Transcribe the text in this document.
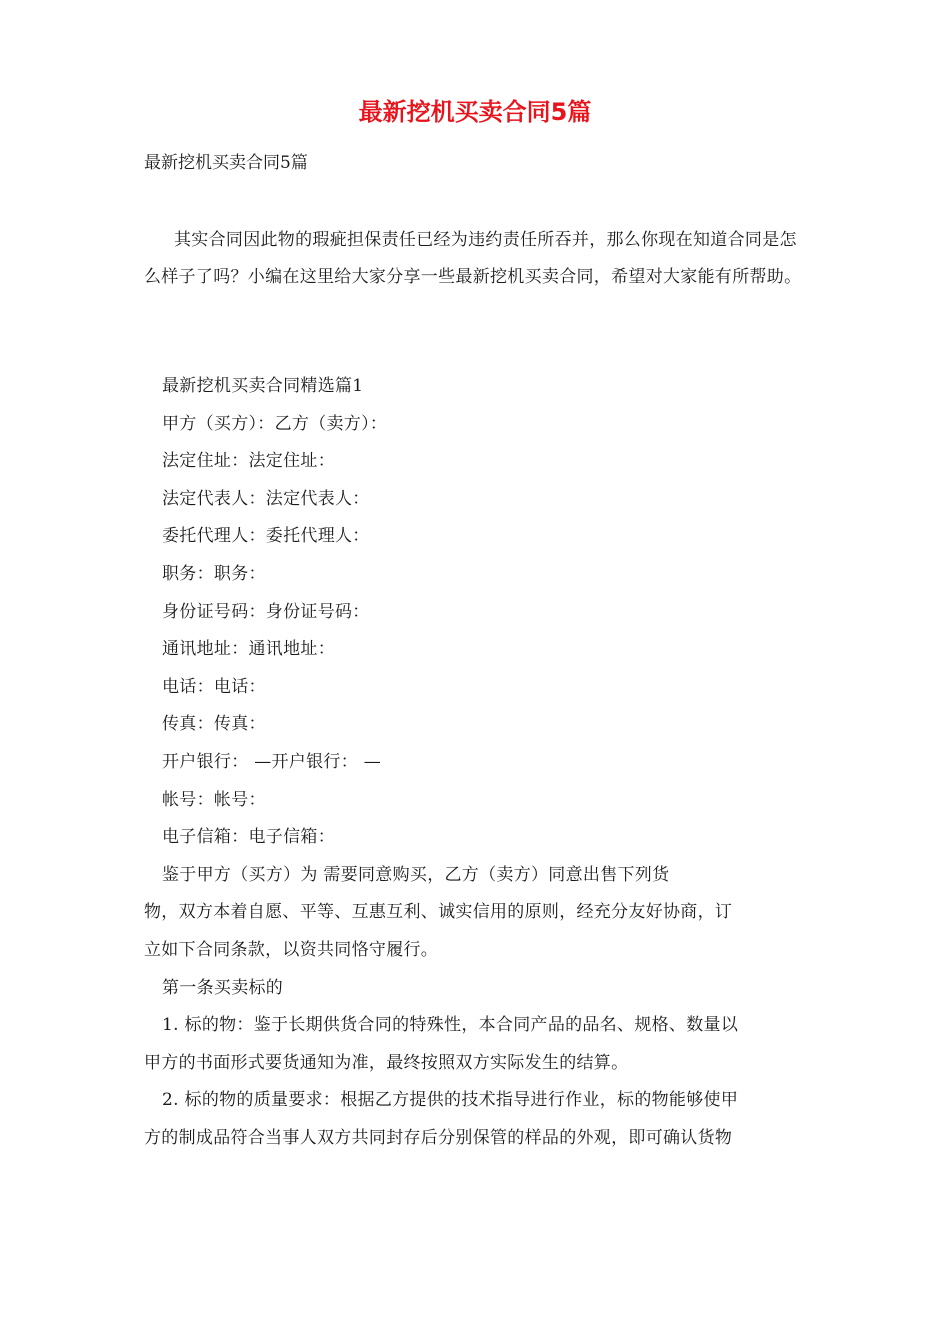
最新挖机买卖合同5篇
最新挖机买卖合同5篇
其实合同因此物的瑕疵担保责任已经为违约责任所吞并，那么你现在知道合同是怎么样子了吗？小编在这里给大家分享一些最新挖机买卖合同，希望对大家能有所帮助。
最新挖机买卖合同精选篇1
甲方（买方）：乙方（卖方）：
法定住址：法定住址：
法定代表人：法定代表人：
委托代理人：委托代理人：
职务：职务：
身份证号码：身份证号码：
通讯地址：通讯地址：
电话：电话：
传真：传真：
开户银行： —开户银行： —
帐号：帐号：
电子信箱：电子信箱：
鉴于甲方（买方）为 需要同意购买，乙方（卖方）同意出售下列货
物，双方本着自愿、平等、互惠互利、诚实信用的原则，经充分友好协商，订
立如下合同条款，以资共同恪守履行。
第一条买卖标的
1. 标的物：鉴于长期供货合同的特殊性，本合同产品的品名、规格、数量以
甲方的书面形式要货通知为准，最终按照双方实际发生的结算。
2. 标的物的质量要求：根据乙方提供的技术指导进行作业，标的物能够使甲
方的制成品符合当事人双方共同封存后分别保管的样品的外观，即可确认货物
